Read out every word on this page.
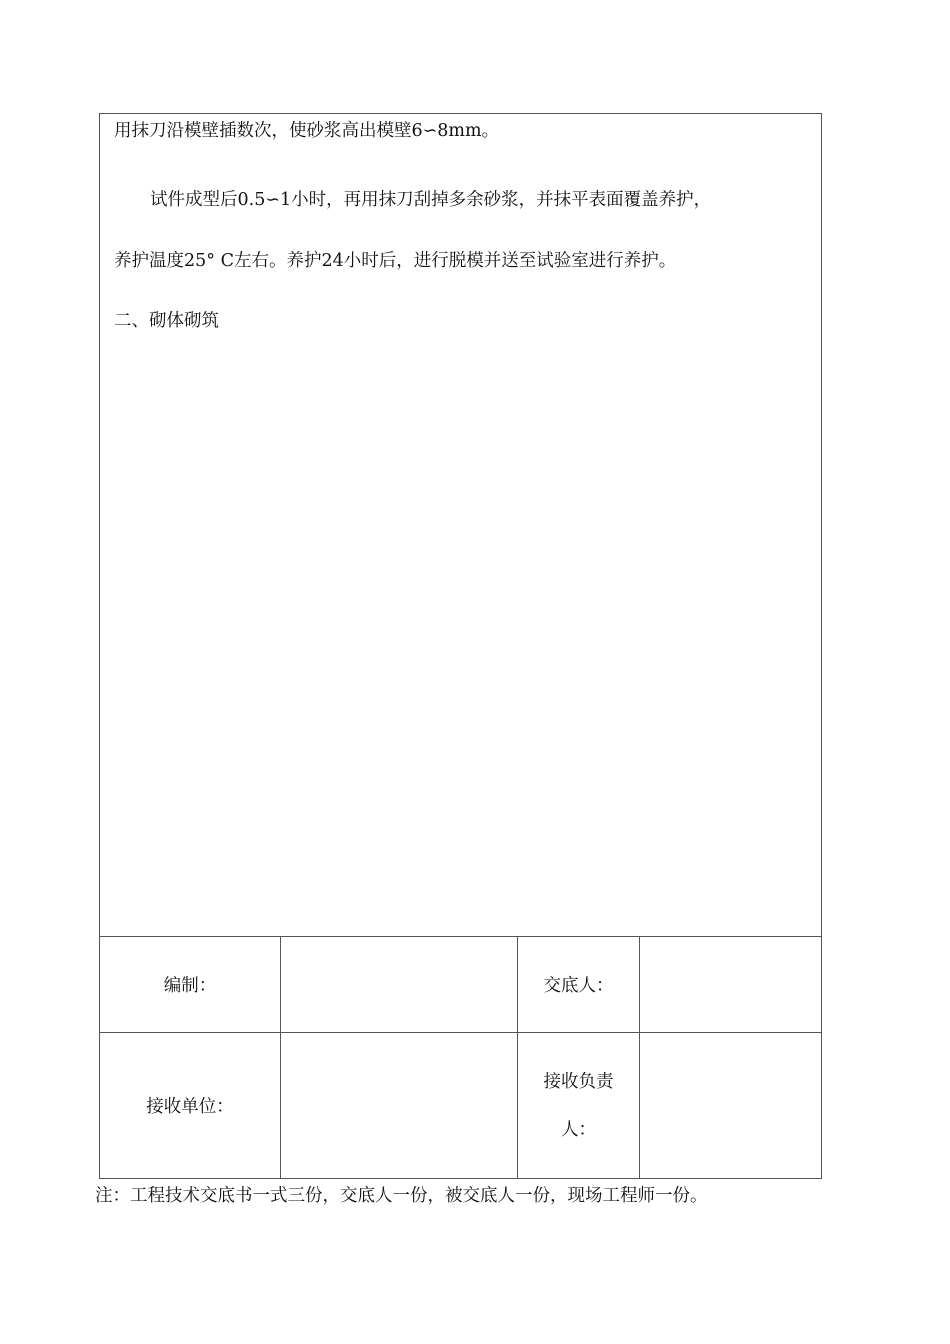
用抹刀沿模壁插数次，使砂浆高出模壁6∽8mm。

试件成型后0.5∽1小时，再用抹刀刮掉多余砂浆，并抹平表面覆盖养护，

养护温度25° C左右。养护24小时后，进行脱模并送至试验室进行养护。

二、砌体砌筑			

编制：		交底人：	
接收单位：		接收负责
人：	

注：工程技术交底书一式三份，交底人一份，被交底人一份，现场工程师一份。
